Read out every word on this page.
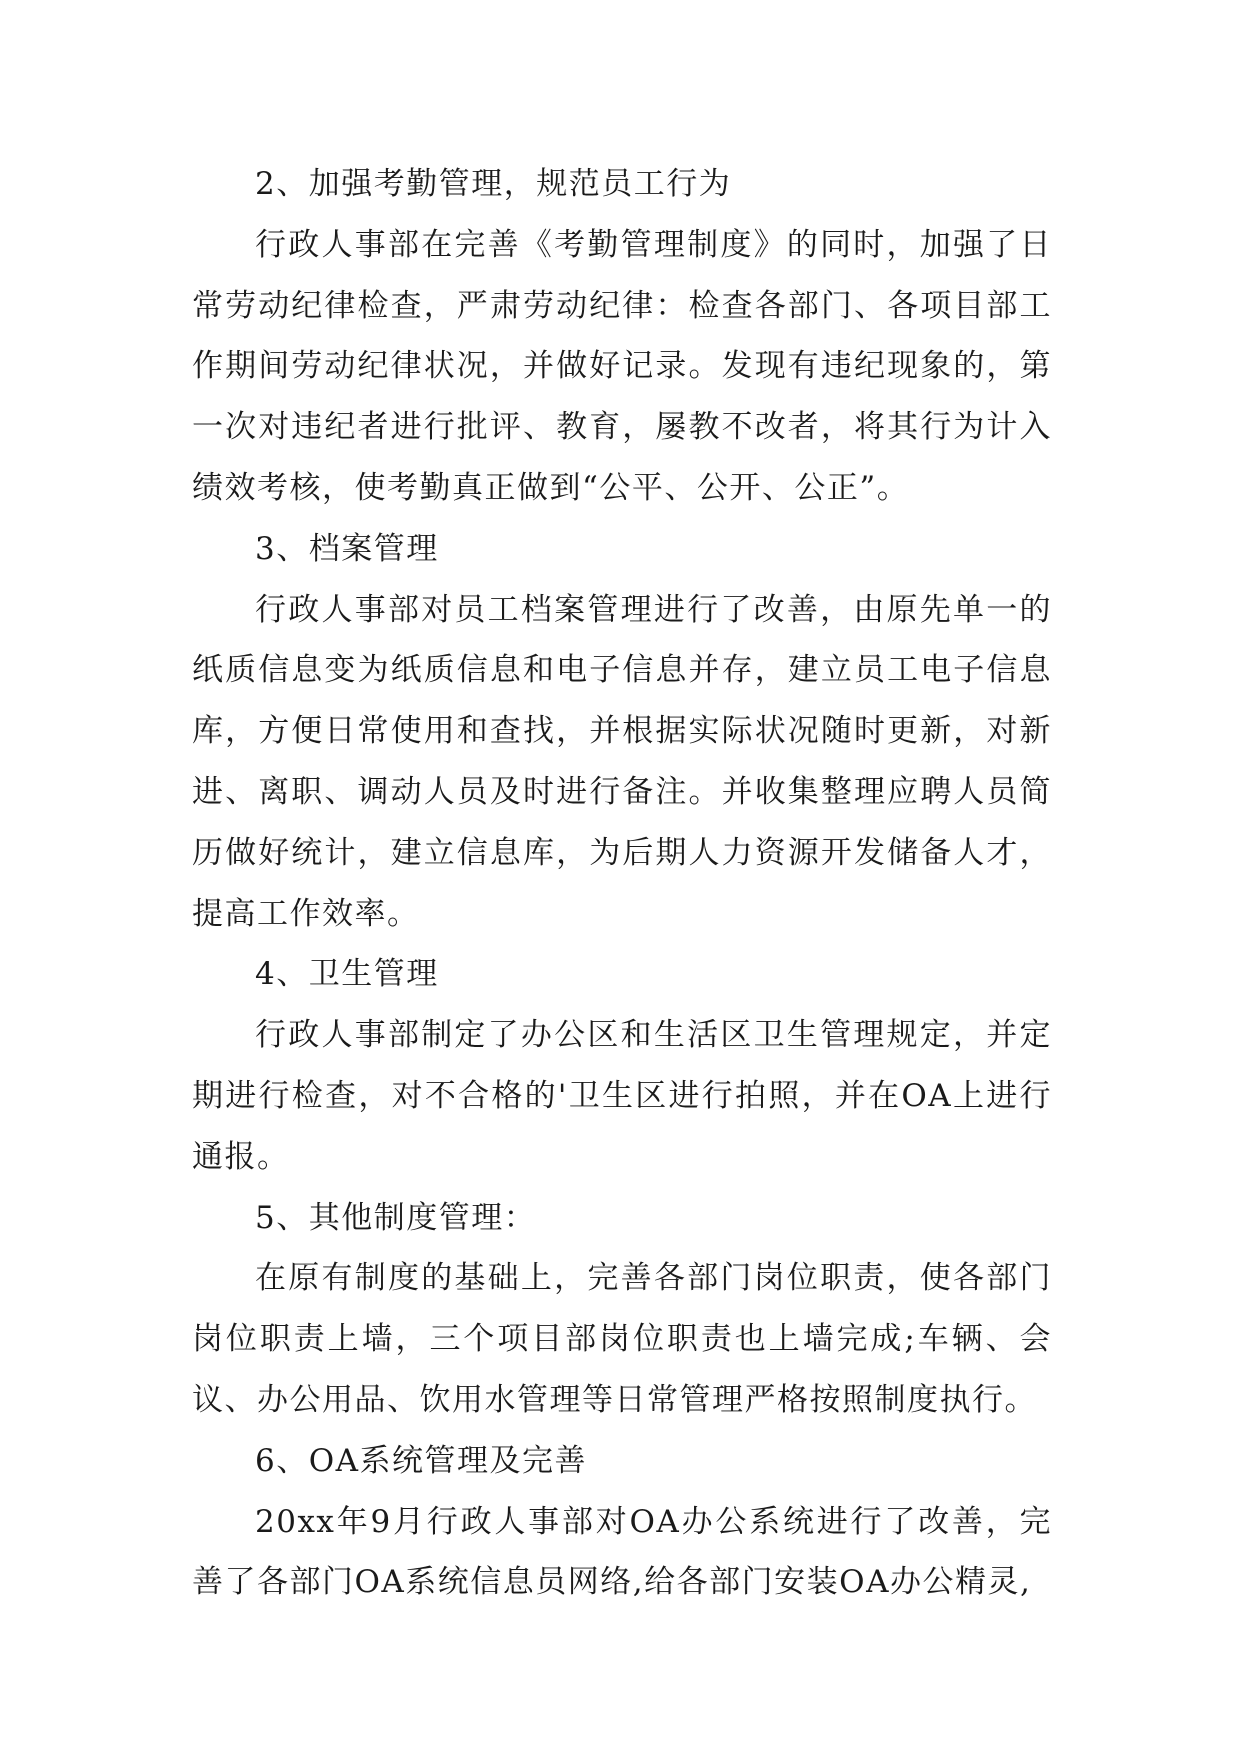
2、加强考勤管理，规范员工行为

行政人事部在完善《考勤管理制度》的同时，加强了日常劳动纪律检查，严肃劳动纪律：检查各部门、各项目部工作期间劳动纪律状况，并做好记录。发现有违纪现象的，第一次对违纪者进行批评、教育，屡教不改者，将其行为计入绩效考核，使考勤真正做到“公平、公开、公正”。

3、档案管理

行政人事部对员工档案管理进行了改善，由原先单一的纸质信息变为纸质信息和电子信息并存，建立员工电子信息库，方便日常使用和查找，并根据实际状况随时更新，对新进、离职、调动人员及时进行备注。并收集整理应聘人员简历做好统计，建立信息库，为后期人力资源开发储备人才，提高工作效率。

4、卫生管理

行政人事部制定了办公区和生活区卫生管理规定，并定期进行检查，对不合格的'卫生区进行拍照，并在OA上进行通报。

5、其他制度管理：

在原有制度的基础上，完善各部门岗位职责，使各部门岗位职责上墙，三个项目部岗位职责也上墙完成;车辆、会议、办公用品、饮用水管理等日常管理严格按照制度执行。

6、OA系统管理及完善

20xx年9月行政人事部对OA办公系统进行了改善，完善了各部门OA系统信息员网络,给各部门安装OA办公精灵,
